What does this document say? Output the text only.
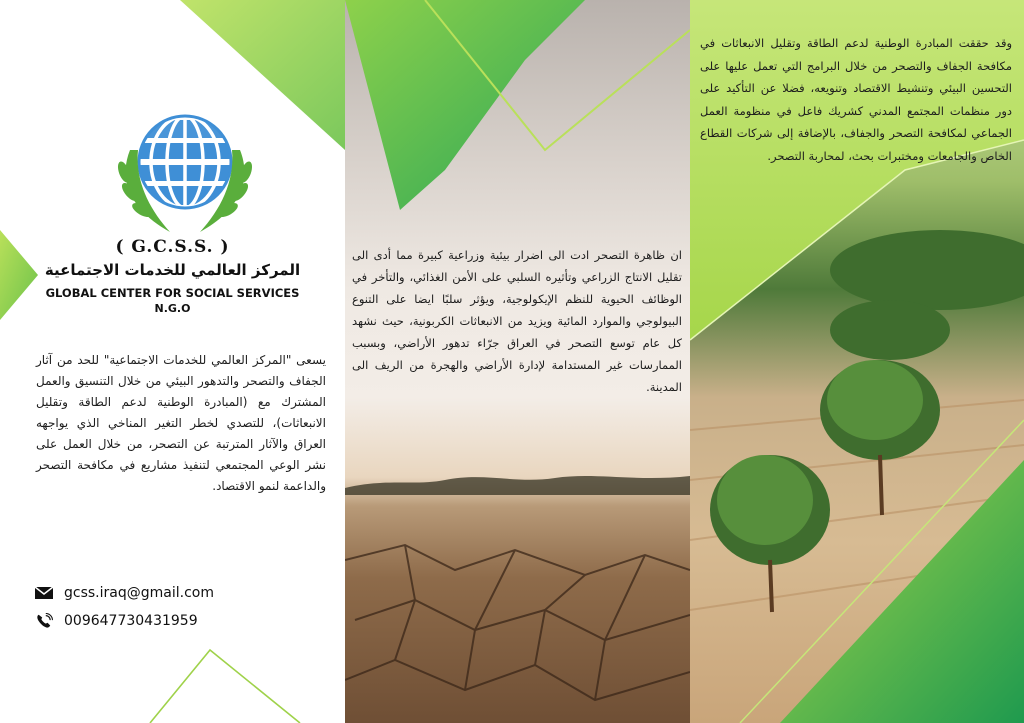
( G.C.S.S. )
المركز العالمي للخدمات الاجتماعية
GLOBAL CENTER FOR SOCIAL SERVICES
N.G.O
يسعى "المركز العالمي للخدمات الاجتماعية" للحد من آثار الجفاف والتصحر والتدهور البيئي من خلال التنسيق والعمل المشترك مع (المبادرة الوطنية لدعم الطاقة وتقليل الانبعاثات)، للتصدي لخطر التغير المناخي الذي يواجهه العراق والآثار المترتبة عن التصحر، من خلال العمل على نشر الوعي المجتمعي لتنفيذ مشاريع في مكافحة التصحر والداعمة لنمو الاقتصاد.
gcss.iraq@gmail.com
009647730431959
ان ظاهرة التصحر ادت الى اضرار بيئية وزراعية كبيرة مما أدى الى تقليل الانتاج الزراعي وتأثيره السلبي على الأمن الغذائي، والتأخر في الوظائف الحيوية للنظم الإيكولوجية، ويؤثر سلبًا ايضا على التنوع البيولوجي والموارد المائية ويزيد من الانبعاثات الكربونية، حيث نشهد كل عام توسع التصحر في العراق جرّاء تدهور الأراضي، وبسبب الممارسات غير المستدامة لإدارة الأراضي والهجرة من الريف الى المدينة.
وقد حققت المبادرة الوطنية لدعم الطاقة وتقليل الانبعاثات في مكافحة الجفاف والتصحر من خلال البرامج التي تعمل عليها على التحسين البيئي وتنشيط الاقتصاد وتنويعه، فضلا عن التأكيد على دور منظمات المجتمع المدني كشريك فاعل في منظومة العمل الجماعي لمكافحة التصحر والجفاف، بالإضافة إلى شركات القطاع الخاص والجامعات ومختبرات بحث، لمحاربة التصحر.
